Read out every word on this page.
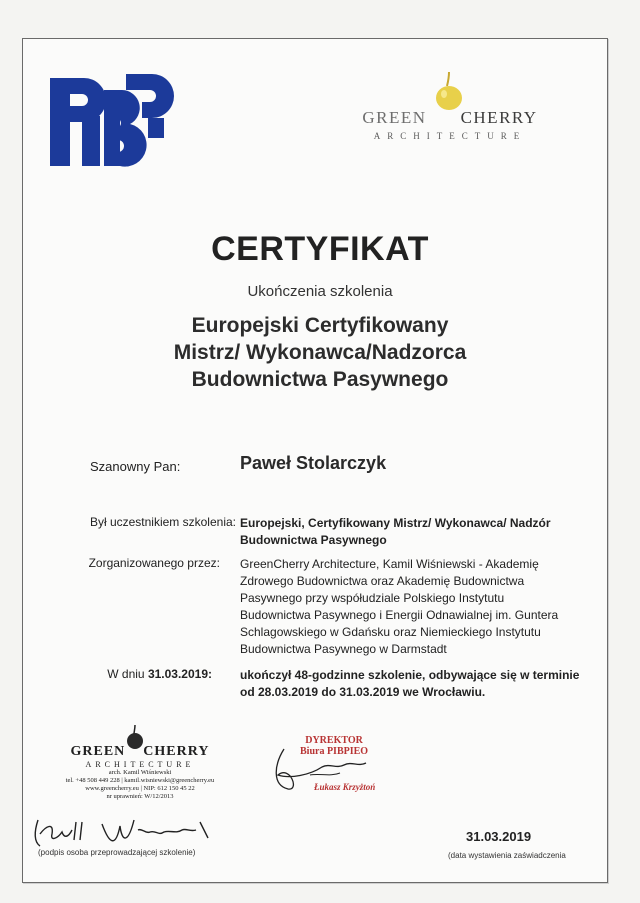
GREEN CHERRY
ARCHITECTURE
CERTYFIKAT
Ukończenia szkolenia
Europejski Certyfikowany
Mistrz/ Wykonawca/Nadzorca
Budownictwa Pasywnego
Szanowny Pan:	Paweł Stolarczyk
Był uczestnikiem szkolenia: Europejski, Certyfikowany Mistrz/ Wykonawca/ Nadzór
Budownictwa Pasywnego
Zorganizowanego przez: GreenCherry Architecture, Kamil Wiśniewski - Akademię
Zdrowego Budownictwa oraz Akademię Budownictwa
Pasywnego przy współudziale Polskiego Instytutu
Budownictwa Pasywnego i Energii Odnawialnej im. Guntera
Schlagowskiego w Gdańsku oraz Niemieckiego Instytutu
Budownictwa Pasywnego w Darmstadt
W dniu 31.03.2019: ukończył 48-godzinne szkolenie, odbywające się w terminie
od 28.03.2019 do 31.03.2019 we Wrocławiu.
GREEN CHERRY
ARCHITECTURE
arch. Kamil Wiśniewski
tel. +48 508 449 228 | kamil.wisniewski@greencherry.eu
www.greencherry.eu | NIP: 612 150 45 22
nr uprawnień: W/12/2013
(podpis osoba przeprowadzającej szkolenie)
DYREKTOR
Biura PIBPIEO
Łukasz Krzyżtoń
31.03.2019
(data wystawienia zaświadczenia
